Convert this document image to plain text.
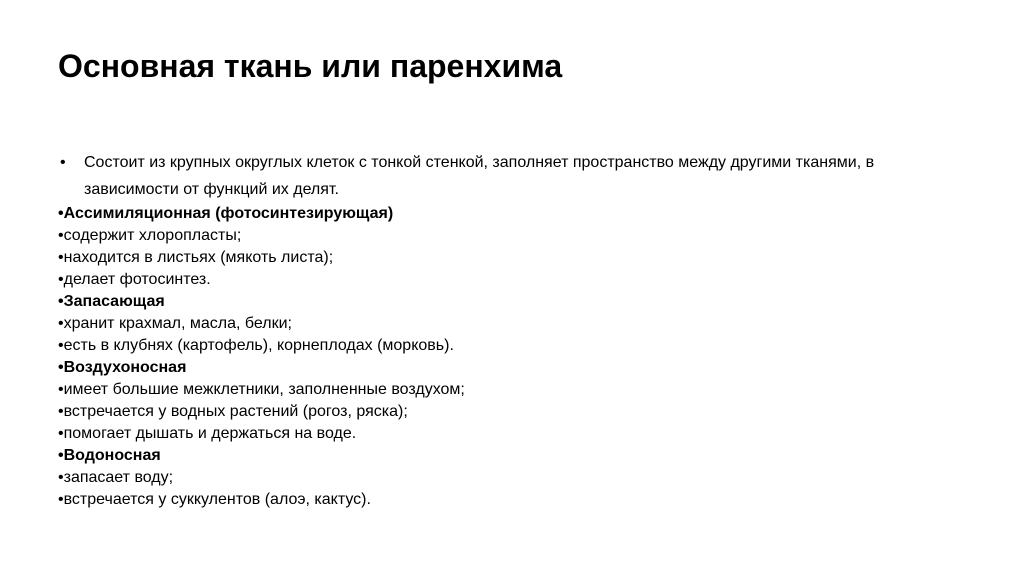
Основная ткань или паренхима
• Состоит из крупных округлых клеток с тонкой стенкой, заполняет пространство между другими тканями, в зависимости от функций их делят.
•Ассимиляционная (фотосинтезирующая)
•содержит хлоропласты;
•находится в листьях (мякоть листа);
•делает фотосинтез.
•Запасающая
•хранит крахмал, масла, белки;
•есть в клубнях (картофель), корнеплодах (морковь).
•Воздухоносная
•имеет большие межклетники, заполненные воздухом;
•встречается у водных растений (рогоз, ряска);
•помогает дышать и держаться на воде.
•Водоносная
•запасает воду;
•встречается у суккулентов (алоэ, кактус).
